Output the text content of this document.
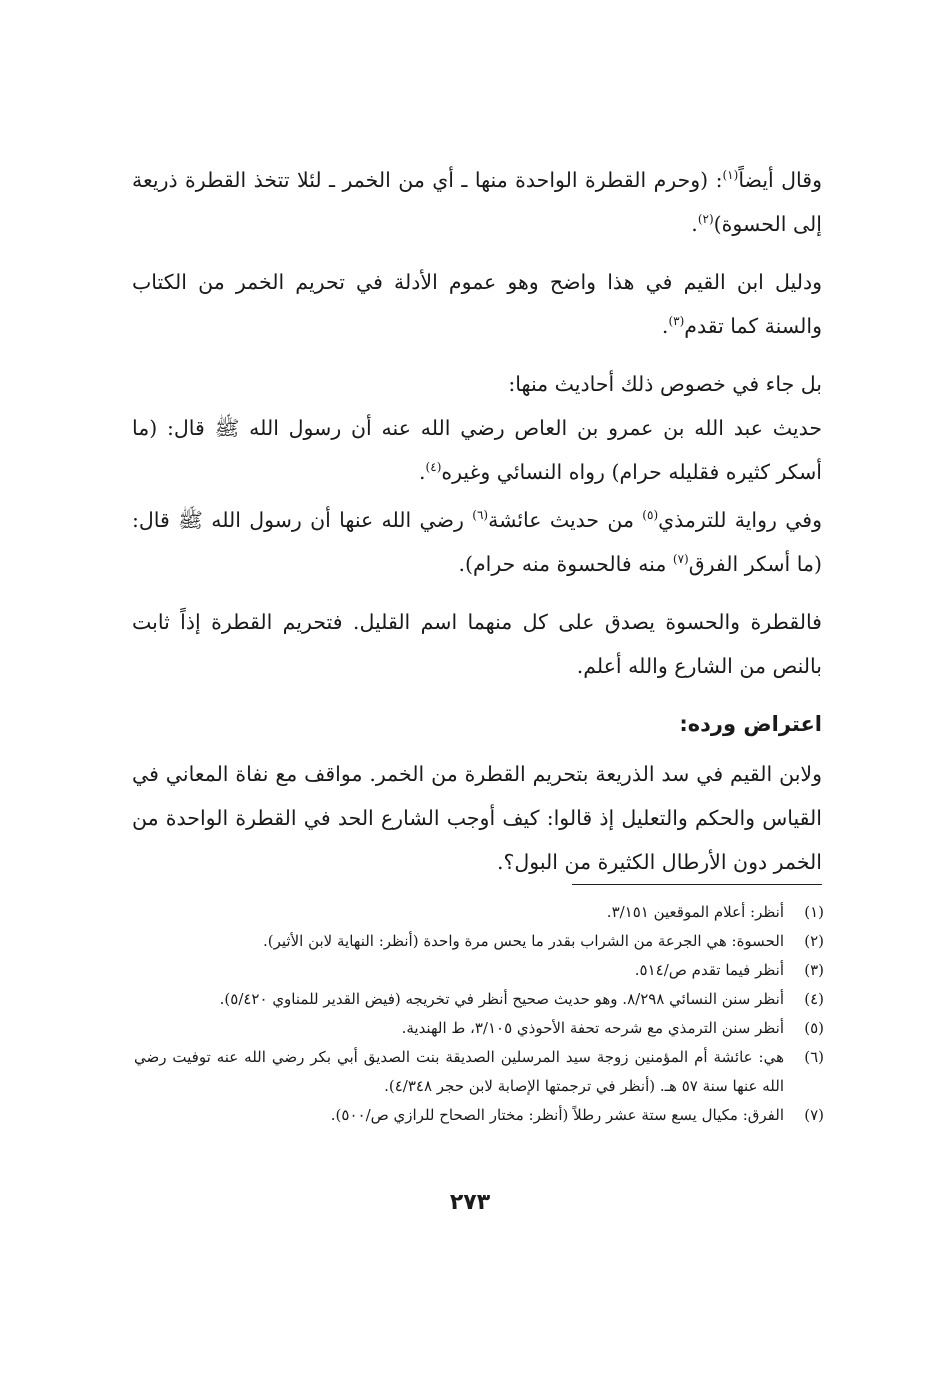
وقال أيضاً$^{(١)}$: (وحرم القطرة الواحدة منها ـ أي من الخمر ـ لئلا تتخذ القطرة ذريعة إلى الحسوة)$^{(٢)}$.

ودليل ابن القيم في هذا واضح وهو عموم الأدلة في تحريم الخمر من الكتاب والسنة كما تقدم$^{(٣)}$.

بل جاء في خصوص ذلك أحاديث منها:

حديث عبد الله بن عمرو بن العاص رضي الله عنه أن رسول الله ﷺ قال: (ما أسكر كثيره فقليله حرام) رواه النسائي وغيره$^{(٤)}$.

وفي رواية للترمذي$^{(٥)}$ من حديث عائشة$^{(٦)}$ رضي الله عنها أن رسول الله ﷺ قال: (ما أسكر الفرق$^{(٧)}$ منه فالحسوة منه حرام).

فالقطرة والحسوة يصدق على كل منهما اسم القليل. فتحريم القطرة إذاً ثابت بالنص من الشارع والله أعلم.

اعتراض ورده:

ولابن القيم في سد الذريعة بتحريم القطرة من الخمر. مواقف مع نفاة المعاني في القياس والحكم والتعليل إذ قالوا: كيف أوجب الشارع الحد في القطرة الواحدة من الخمر دون الأرطال الكثيرة من البول؟.

(١)
أنظر: أعلام الموقعين ٣/١٥١.
(٢)
الحسوة: هي الجرعة من الشراب بقدر ما يحس مرة واحدة (أنظر: النهاية لابن الأثير).
(٣)
أنظر فيما تقدم ص/٥١٤.
(٤)
أنظر سنن النسائي ٨/٢٩٨. وهو حديث صحيح أنظر في تخريجه (فيض القدير للمناوي ٥/٤٢٠).
(٥)
أنظر سنن الترمذي مع شرحه تحفة الأحوذي ٣/١٠٥، ط الهندية.
(٦)
هي: عائشة أم المؤمنين زوجة سيد المرسلين الصديقة بنت الصديق أبي بكر رضي الله عنه توفيت رضي الله عنها سنة ٥٧ هـ. (أنظر في ترجمتها الإصابة لابن حجر ٤/٣٤٨).
(٧)
الفرق: مكيال يسع ستة عشر رطلاً (أنظر: مختار الصحاح للرازي ص/٥٠٠).
٢٧٣
